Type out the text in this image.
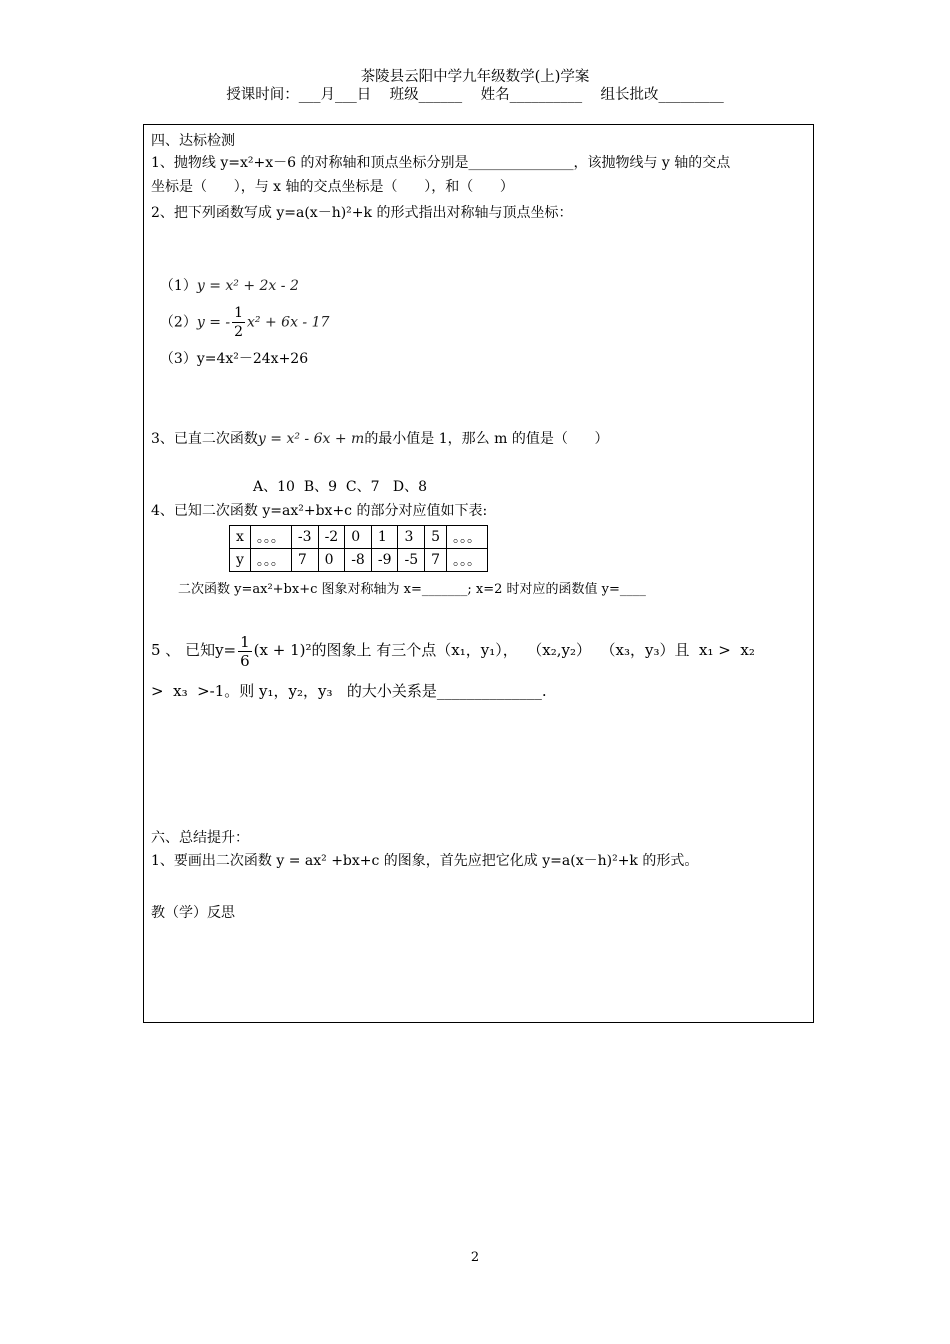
茶陵县云阳中学九年级数学(上)学案
授课时间：___月___日    班级______    姓名__________    组长批改_________
四、达标检测
1、抛物线 y=x²+x－6 的对称轴和顶点坐标分别是_______________，该抛物线与 y 轴的交点
坐标是（      ），与 x 轴的交点坐标是（      ），和（      ）
2、把下列函数写成 y=a(x－h)²+k 的形式指出对称轴与顶点坐标：

（1）y = x² + 2x - 2
（2）y = - $\frac{1}{2} x^2 + 6x - 17$
（3）y=4x²－24x+26

3、已直二次函数y = x² - 6x + m的最小值是 1，那么 m 的值是（      ）
A、10  B、9  C、7   D、8
4、已知二次函数 y=ax²+bx+c 的部分对应值如下表:
x	。。。	-3	-2	0	1	3	5	。。。
y	。。。	7	0	-8	-9	-5	7	。。。
二次函数 y=ax²+bx+c 图象对称轴为 x=_______; x=2 时对应的函数值 y=____
5 、 已知$y= \frac{1}{6} (x + 1)^2$的图象上 有三个点（x₁，y₁），  （x₂,y₂）  （x₃，y₃）且  x₁ >  x₂
>  x₃  >-1。则 y₁，y₂，y₃   的大小关系是______________.
六、总结提升：
1、要画出二次函数 y = ax² +bx+c 的图象，首先应把它化成 y=a(x－h)²+k 的形式。
教（学）反思
2
